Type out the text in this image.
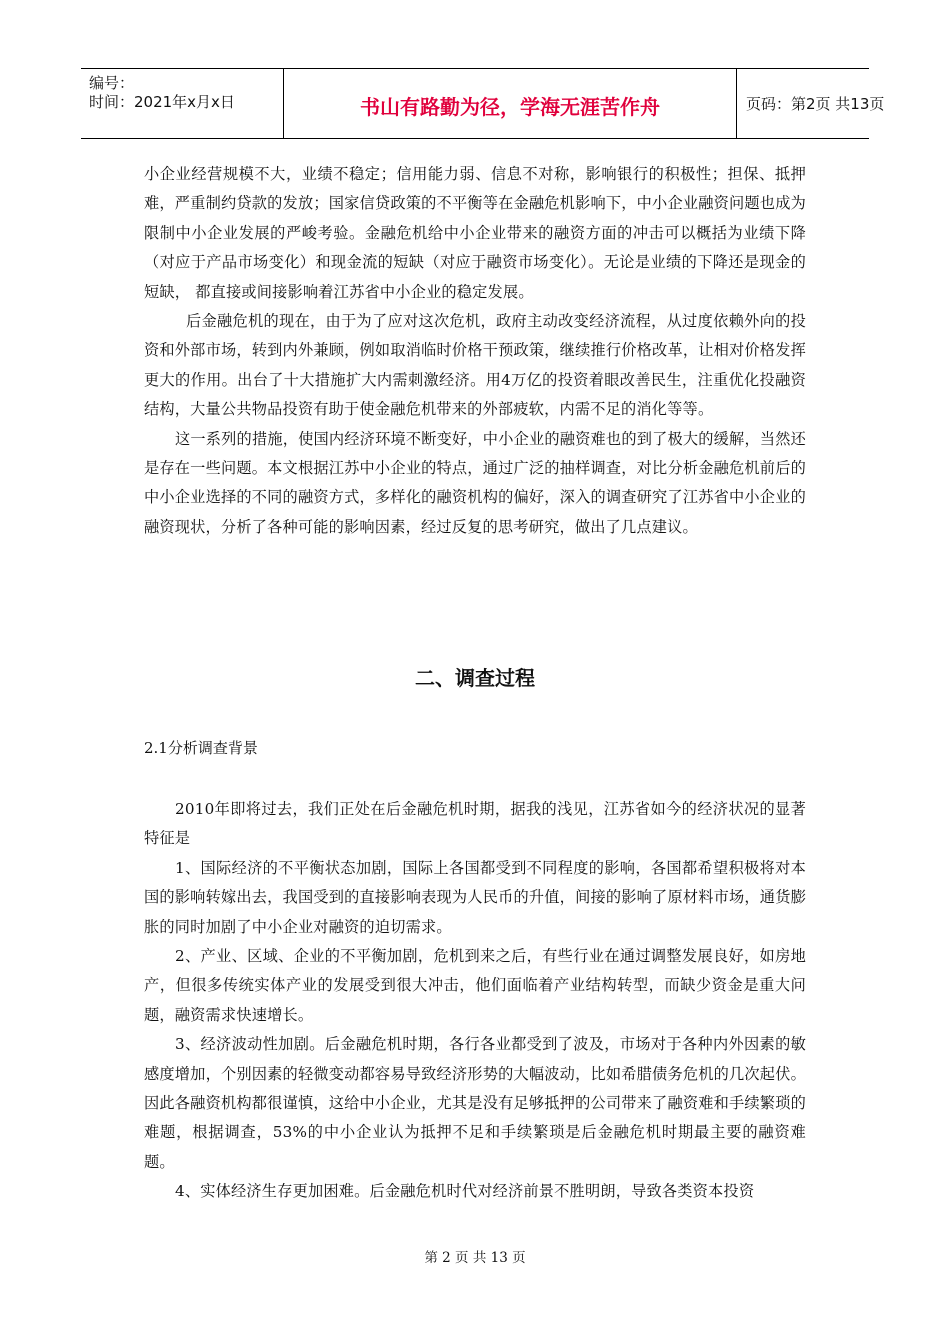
编号：
时间：2021年x月x日	书山有路勤为径，学海无涯苦作舟	页码：第2页 共13页

小企业经营规模不大，业绩不稳定；信用能力弱、信息不对称，影响银行的积极性；担保、抵押难，严重制约贷款的发放；国家信贷政策的不平衡等在金融危机影响下，中小企业融资问题也成为限制中小企业发展的严峻考验。金融危机给中小企业带来的融资方面的冲击可以概括为业绩下降（对应于产品市场变化）和现金流的短缺（对应于融资市场变化）。无论是业绩的下降还是现金的短缺， 都直接或间接影响着江苏省中小企业的稳定发展。

后金融危机的现在，由于为了应对这次危机，政府主动改变经济流程，从过度依赖外向的投资和外部市场，转到内外兼顾，例如取消临时价格干预政策，继续推行价格改革，让相对价格发挥更大的作用。出台了十大措施扩大内需刺激经济。用4万亿的投资着眼改善民生，注重优化投融资结构，大量公共物品投资有助于使金融危机带来的外部疲软，内需不足的消化等等。

这一系列的措施，使国内经济环境不断变好，中小企业的融资难也的到了极大的缓解，当然还是存在一些问题。本文根据江苏中小企业的特点，通过广泛的抽样调查，对比分析金融危机前后的中小企业选择的不同的融资方式，多样化的融资机构的偏好，深入的调查研究了江苏省中小企业的融资现状，分析了各种可能的影响因素，经过反复的思考研究，做出了几点建议。

二、调查过程
2.1分析调查背景

2010年即将过去，我们正处在后金融危机时期，据我的浅见，江苏省如今的经济状况的显著特征是

1、国际经济的不平衡状态加剧，国际上各国都受到不同程度的影响，各国都希望积极将对本国的影响转嫁出去，我国受到的直接影响表现为人民币的升值，间接的影响了原材料市场，通货膨胀的同时加剧了中小企业对融资的迫切需求。

2、产业、区域、企业的不平衡加剧，危机到来之后，有些行业在通过调整发展良好，如房地产，但很多传统实体产业的发展受到很大冲击，他们面临着产业结构转型，而缺少资金是重大问题，融资需求快速增长。

3、经济波动性加剧。后金融危机时期，各行各业都受到了波及，市场对于各种内外因素的敏感度增加，个别因素的轻微变动都容易导致经济形势的大幅波动，比如希腊债务危机的几次起伏。因此各融资机构都很谨慎，这给中小企业，尤其是没有足够抵押的公司带来了融资难和手续繁琐的难题，根据调查，53%的中小企业认为抵押不足和手续繁琐是后金融危机时期最主要的融资难题。

4、实体经济生存更加困难。后金融危机时代对经济前景不胜明朗，导致各类资本投资

第 2 页 共 13 页
